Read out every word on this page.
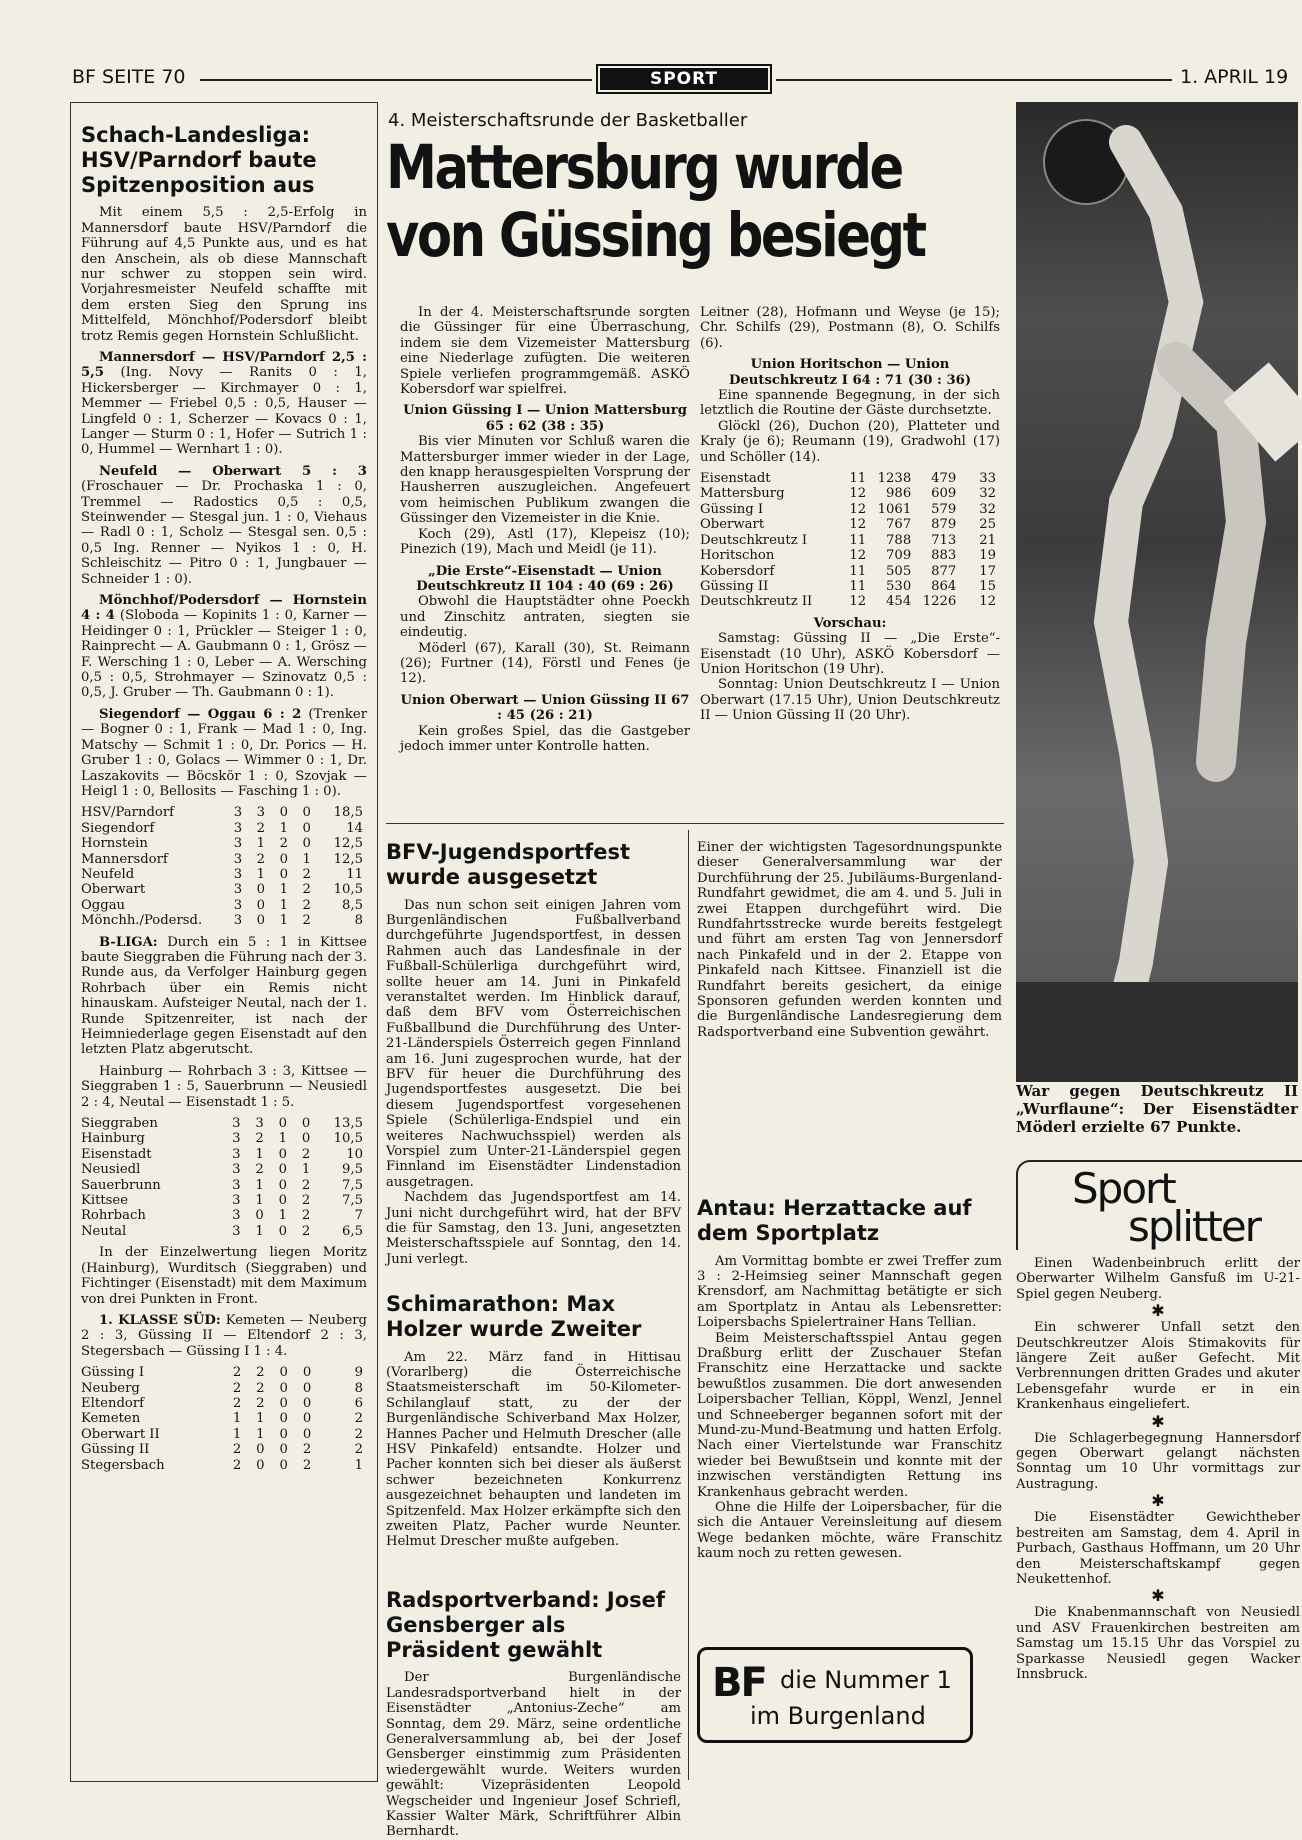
BF SEITE 70	SPORT	1. APRIL 19
Schach-Landesliga: HSV/Parndorf baute Spitzenposition aus

Mit einem 5,5 : 2,5-Erfolg in Mannersdorf baute HSV/Parndorf die Führung auf 4,5 Punkte aus, und es hat den Anschein, als ob diese Mannschaft nur schwer zu stoppen sein wird. Vorjahresmeister Neufeld schaffte mit dem ersten Sieg den Sprung ins Mittelfeld, Mönchhof/Podersdorf bleibt trotz Remis gegen Hornstein Schlußlicht.

Mannersdorf — HSV/Parndorf 2,5 : 5,5 (Ing. Novy — Ranits 0 : 1, Hickersberger — Kirchmayer 0 : 1, Memmer — Friebel 0,5 : 0,5, Hauser — Lingfeld 0 : 1, Scherzer — Kovacs 0 : 1, Langer — Sturm 0 : 1, Hofer — Sutrich 1 : 0, Hummel — Wernhart 1 : 0).

Neufeld — Oberwart 5 : 3 (Froschauer — Dr. Prochaska 1 : 0, Tremmel — Radostics 0,5 : 0,5, Steinwender — Stesgal jun. 1 : 0, Viehaus — Radl 0 : 1, Scholz — Stesgal sen. 0,5 : 0,5 Ing. Renner — Nyikos 1 : 0, H. Schleischitz — Pitro 0 : 1, Jungbauer — Schneider 1 : 0).

Mönchhof/Podersdorf — Hornstein 4 : 4 (Sloboda — Kopinits 1 : 0, Karner — Heidinger 0 : 1, Prückler — Steiger 1 : 0, Rainprecht — A. Gaubmann 0 : 1, Grösz — F. Wersching 1 : 0, Leber — A. Wersching 0,5 : 0,5, Strohmayer — Szinovatz 0,5 : 0,5, J. Gruber — Th. Gaubmann 0 : 1).

Siegendorf — Oggau 6 : 2 (Trenker — Bogner 0 : 1, Frank — Mad 1 : 0, Ing. Matschy — Schmit 1 : 0, Dr. Porics — H. Gruber 1 : 0, Golacs — Wimmer 0 : 1, Dr. Laszakovits — Böcskör 1 : 0, Szovjak — Heigl 1 : 0, Bellosits — Fasching 1 : 0).

HSV/Parndorf	3	3	0	0	18,5
Siegendorf	3	2	1	0	14
Hornstein	3	1	2	0	12,5
Mannersdorf	3	2	0	1	12,5
Neufeld	3	1	0	2	11
Oberwart	3	0	1	2	10,5
Oggau	3	0	1	2	8,5
Mönchh./Podersd.	3	0	1	2	8

B-LIGA: Durch ein 5 : 1 in Kittsee baute Sieggraben die Führung nach der 3. Runde aus, da Verfolger Hainburg gegen Rohrbach über ein Remis nicht hinauskam. Aufsteiger Neutal, nach der 1. Runde Spitzenreiter, ist nach der Heimniederlage gegen Eisenstadt auf den letzten Platz abgerutscht.

Hainburg — Rohrbach 3 : 3, Kittsee — Sieggraben 1 : 5, Sauerbrunn — Neusiedl 2 : 4, Neutal — Eisenstadt 1 : 5.

Sieggraben	3	3	0	0	13,5
Hainburg	3	2	1	0	10,5
Eisenstadt	3	1	0	2	10
Neusiedl	3	2	0	1	9,5
Sauerbrunn	3	1	0	2	7,5
Kittsee	3	1	0	2	7,5
Rohrbach	3	0	1	2	7
Neutal	3	1	0	2	6,5

In der Einzelwertung liegen Moritz (Hainburg), Wurditsch (Sieggraben) und Fichtinger (Eisenstadt) mit dem Maximum von drei Punkten in Front.

1. KLASSE SÜD: Kemeten — Neuberg 2 : 3, Güssing II — Eltendorf 2 : 3, Stegersbach — Güssing I 1 : 4.

Güssing I	2	2	0	0	9
Neuberg	2	2	0	0	8
Eltendorf	2	2	0	0	6
Kemeten	1	1	0	0	2
Oberwart II	1	1	0	0	2
Güssing II	2	0	0	2	2
Stegersbach	2	0	0	2	1
4. Meisterschaftsrunde der Basketballer
Mattersburg wurde
von Güssing besiegt

In der 4. Meisterschaftsrunde sorgten die Güssinger für eine Überraschung, indem sie dem Vizemeister Mattersburg eine Niederlage zufügten. Die weiteren Spiele verliefen programmgemäß. ASKÖ Kobersdorf war spielfrei.

Union Güssing I — Union Mattersburg 65 : 62 (38 : 35)

Bis vier Minuten vor Schluß waren die Mattersburger immer wieder in der Lage, den knapp herausgespielten Vorsprung der Hausherren auszugleichen. Angefeuert vom heimischen Publikum zwangen die Güssinger den Vizemeister in die Knie.

Koch (29), Astl (17), Klepeisz (10); Pinezich (19), Mach und Meidl (je 11).

„Die Erste“-Eisenstadt — Union Deutschkreutz II 104 : 40 (69 : 26)

Obwohl die Hauptstädter ohne Poeckh und Zinschitz antraten, siegten sie eindeutig.

Möderl (67), Karall (30), St. Reimann (26); Furtner (14), Förstl und Fenes (je 12).

Union Oberwart — Union Güssing II 67 : 45 (26 : 21)

Kein großes Spiel, das die Gastgeber jedoch immer unter Kontrolle hatten.

Leitner (28), Hofmann und Weyse (je 15); Chr. Schilfs (29), Postmann (8), O. Schilfs (6).

Union Horitschon — Union Deutschkreutz I 64 : 71 (30 : 36)

Eine spannende Begegnung, in der sich letztlich die Routine der Gäste durchsetzte.

Glöckl (26), Duchon (20), Platteter und Kraly (je 6); Reumann (19), Gradwohl (17) und Schöller (14).

Eisenstadt	11	1238	479	33
Mattersburg	12	986	609	32
Güssing I	12	1061	579	32
Oberwart	12	767	879	25
Deutschkreutz I	11	788	713	21
Horitschon	12	709	883	19
Kobersdorf	11	505	877	17
Güssing II	11	530	864	15
Deutschkreutz II	12	454	1226	12
Vorschau:

Samstag: Güssing II — „Die Erste“-Eisenstadt (10 Uhr), ASKÖ Kobersdorf — Union Horitschon (19 Uhr).

Sonntag: Union Deutschkreutz I — Union Oberwart (17.15 Uhr), Union Deutschkreutz II — Union Güssing II (20 Uhr).

War gegen Deutschkreutz II „Wurflaune“: Der Eisenstädter Möderl erzielte 67 Punkte.
BFV-Jugendsportfest wurde ausgesetzt

Das nun schon seit einigen Jahren vom Burgenländischen Fußballverband durchgeführte Jugendsportfest, in dessen Rahmen auch das Landesfinale in der Fußball-Schülerliga durchgeführt wird, sollte heuer am 14. Juni in Pinkafeld veranstaltet werden. Im Hinblick darauf, daß dem BFV vom Österreichischen Fußballbund die Durchführung des Unter-21-Länderspiels Österreich gegen Finnland am 16. Juni zugesprochen wurde, hat der BFV für heuer die Durchführung des Jugendsportfestes ausgesetzt. Die bei diesem Jugendsportfest vorgesehenen Spiele (Schülerliga-Endspiel und ein weiteres Nachwuchsspiel) werden als Vorspiel zum Unter-21-Länderspiel gegen Finnland im Eisenstädter Lindenstadion ausgetragen.

Nachdem das Jugendsportfest am 14. Juni nicht durchgeführt wird, hat der BFV die für Samstag, den 13. Juni, angesetzten Meisterschaftsspiele auf Sonntag, den 14. Juni verlegt.

Schimarathon: Max Holzer wurde Zweiter

Am 22. März fand in Hittisau (Vorarlberg) die Österreichische Staatsmeisterschaft im 50-Kilometer-Schilanglauf statt, zu der der Burgenländische Schiverband Max Holzer, Hannes Pacher und Helmuth Drescher (alle HSV Pinkafeld) entsandte. Holzer und Pacher konnten sich bei dieser als äußerst schwer bezeichneten Konkurrenz ausgezeichnet behaupten und landeten im Spitzenfeld. Max Holzer erkämpfte sich den zweiten Platz, Pacher wurde Neunter. Helmut Drescher mußte aufgeben.

Radsportverband: Josef Gensberger als Präsident gewählt

Der Burgenländische Landesradsportverband hielt in der Eisenstädter „Antonius-Zeche“ am Sonntag, dem 29. März, seine ordentliche Generalversammlung ab, bei der Josef Gensberger einstimmig zum Präsidenten wiedergewählt wurde. Weiters wurden gewählt: Vizepräsidenten Leopold Wegscheider und Ingenieur Josef Schriefl, Kassier Walter Märk, Schriftführer Albin Bernhardt.

Einer der wichtigsten Tagesordnungspunkte dieser Generalversammlung war der Durchführung der 25. Jubiläums-Burgenland-Rundfahrt gewidmet, die am 4. und 5. Juli in zwei Etappen durchgeführt wird. Die Rundfahrtsstrecke wurde bereits festgelegt und führt am ersten Tag von Jennersdorf nach Pinkafeld und in der 2. Etappe von Pinkafeld nach Kittsee. Finanziell ist die Rundfahrt bereits gesichert, da einige Sponsoren gefunden werden konnten und die Burgenländische Landesregierung dem Radsportverband eine Subvention gewährt.

Antau: Herzattacke auf dem Sportplatz

Am Vormittag bombte er zwei Treffer zum 3 : 2-Heimsieg seiner Mannschaft gegen Krensdorf, am Nachmittag betätigte er sich am Sportplatz in Antau als Lebensretter: Loipersbachs Spielertrainer Hans Tellian.

Beim Meisterschaftsspiel Antau gegen Draßburg erlitt der Zuschauer Stefan Franschitz eine Herzattacke und sackte bewußtlos zusammen. Die dort anwesenden Loipersbacher Tellian, Köppl, Wenzl, Jennel und Schneeberger begannen sofort mit der Mund-zu-Mund-Beatmung und hatten Erfolg. Nach einer Viertelstunde war Franschitz wieder bei Bewußtsein und konnte mit der inzwischen verständigten Rettung ins Krankenhaus gebracht werden.

Ohne die Hilfe der Loipersbacher, für die sich die Antauer Vereinsleitung auf diesem Wege bedanken möchte, wäre Franschitz kaum noch zu retten gewesen.

BF die Nummer 1
im Burgenland
Sport
splitter

Einen Wadenbeinbruch erlitt der Oberwarter Wilhelm Gansfuß im U-21-Spiel gegen Neuberg.

✱

Ein schwerer Unfall setzt den Deutschkreutzer Alois Stimakovits für längere Zeit außer Gefecht. Mit Verbrennungen dritten Grades und akuter Lebensgefahr wurde er in ein Krankenhaus eingeliefert.

✱

Die Schlagerbegegnung Hannersdorf gegen Oberwart gelangt nächsten Sonntag um 10 Uhr vormittags zur Austragung.

✱

Die Eisenstädter Gewichtheber bestreiten am Samstag, dem 4. April in Purbach, Gasthaus Hoffmann, um 20 Uhr den Meisterschaftskampf gegen Neukettenhof.

✱

Die Knabenmannschaft von Neusiedl und ASV Frauenkirchen bestreiten am Samstag um 15.15 Uhr das Vorspiel zu Sparkasse Neusiedl gegen Wacker Innsbruck.
